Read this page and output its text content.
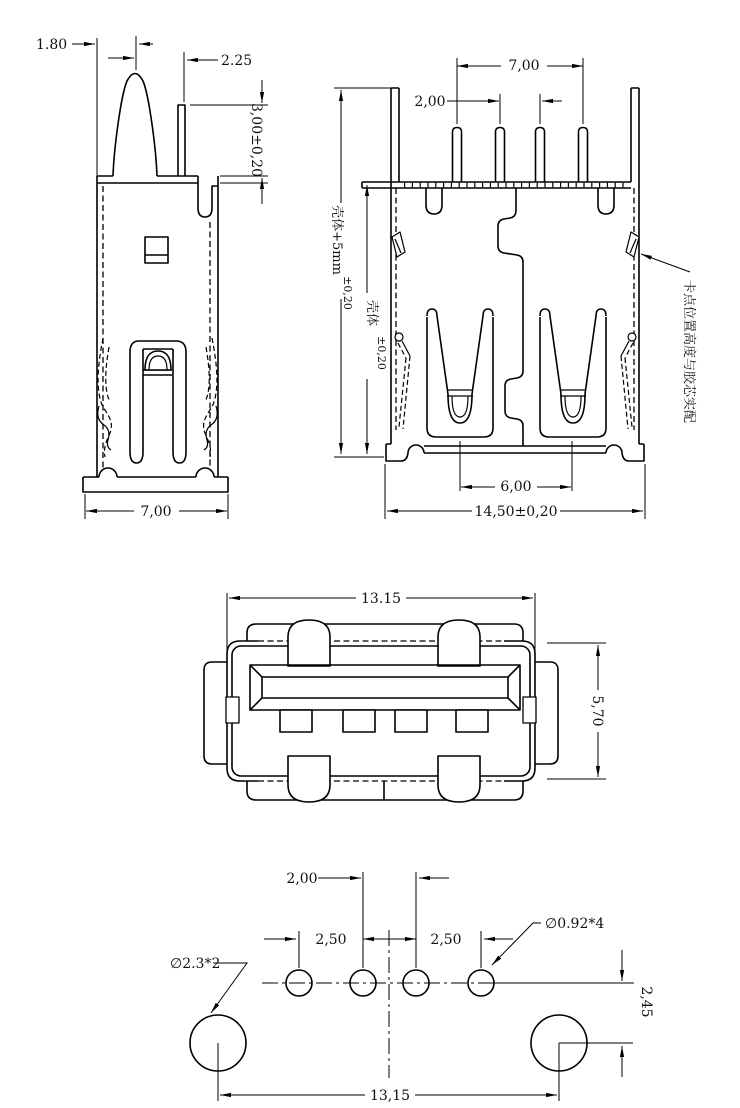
1.80
2.25
3,00±0,20
7,00
7,00
2,00
壳体+5mm
±0,20
壳体
±0,20
6,00
14,50±0,20
卡点位置高度与胶芯实配
13.15
5,70
2,00
2,50	2,50
∅0.92*4
∅2.3*2
2,45
13,15
